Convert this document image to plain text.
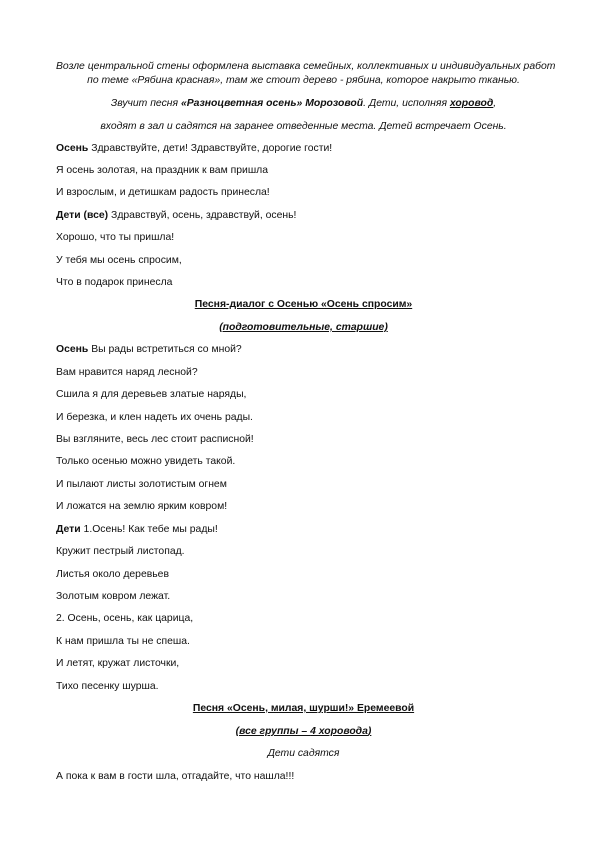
Возле центральной стены оформлена выставка семейных, коллективных и индивидуальных работ
по теме «Рябина красная», там же стоит дерево - рябина, которое накрыто тканью.
Звучит песня «Разноцветная осень» Морозовой. Дети, исполняя хоровод,
входят в зал и садятся на заранее отведенные места. Детей встречает Осень.
Осень Здравствуйте, дети! Здравствуйте, дорогие гости!
Я осень золотая, на праздник к вам пришла
И взрослым, и детишкам радость принесла!
Дети (все) Здравствуй, осень, здравствуй, осень!
Хорошо, что ты пришла!
У тебя мы осень спросим,
Что в подарок принесла
Песня-диалог с Осенью «Осень спросим»
(подготовительные, старшие)
Осень Вы рады встретиться со мной?
Вам нравится наряд лесной?
Сшила я для деревьев златые наряды,
И березка, и клен надеть их очень рады.
Вы взгляните, весь лес стоит расписной!
Только осенью можно увидеть такой.
И пылают листы золотистым огнем
И ложатся на землю ярким ковром!
Дети 1.Осень! Как тебе мы рады!
Кружит пестрый листопад.
Листья около деревьев
Золотым ковром лежат.
2. Осень, осень, как царица,
К нам пришла ты не спеша.
И летят, кружат листочки,
Тихо песенку шурша.
Песня «Осень, милая, шурши!» Еремеевой
(все группы – 4 хоровода)
Дети садятся
А пока к вам в гости шла, отгадайте, что нашла!!!
